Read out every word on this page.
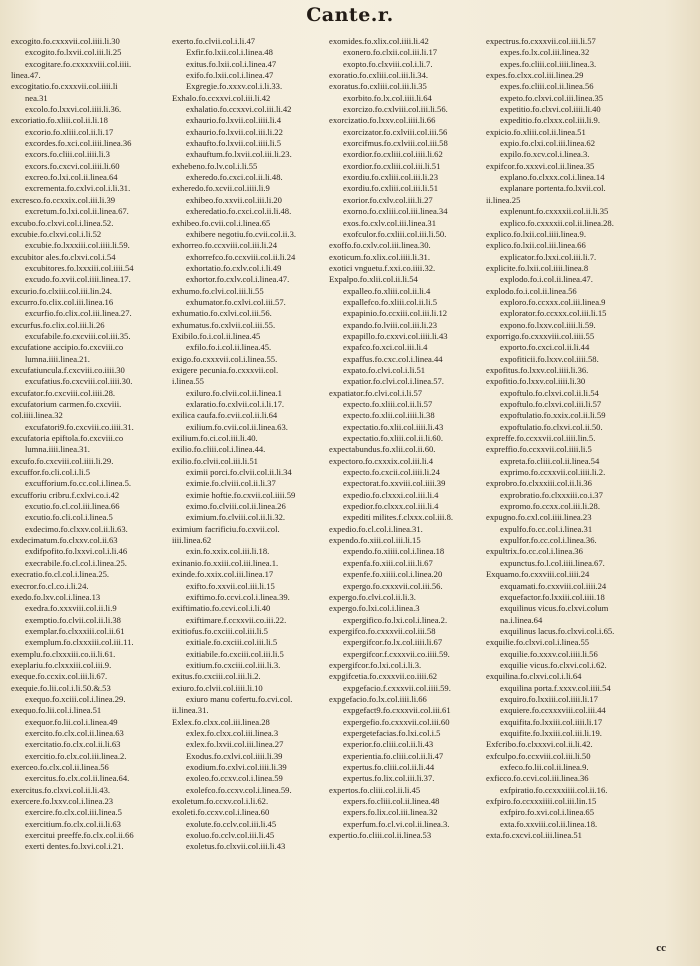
Cante.r.
excogito.fo.cxxxvii.col.iiii.li.30
excogito.fo.lxvii.col.iii.li.25
excogitare.fo.cxxxxviii.col.iiii.
linea.47.
excogitatio.fo.cxxxvii.col.iiii.li
nea.31
excolo.fo.lxxvi.col.iiii.li.36.
excoriatio.fo.xliii.col.ii.li.18
excorio.fo.xliii.col.ii.li.17
excordes.fo.xci.col.iiii.linea.36
excors.fo.cliii.col.iiii.li.3
excors.fo.cxcvi.col.iiii.li.60
excreo.fo.lxi.col.ii.linea.64
excrementa.fo.cxlvi.col.i.li.31.
excresco.fo.ccxxix.col.iii.li.39
excretum.fo.lxi.col.ii.linea.67.
excubo.fo.clxvi.col.i.linea.52.
excubie.fo.clxvi.col.i.li.52
excubie.fo.lxxxiii.col.iiii.li.59.
excubitor ales.fo.clxvi.col.i.54
excubitores.fo.lxxxiii.col.iiii.54
excudo.fo.xvii.col.iiii.linea.17.
excurio.fo.clxiii.col.iii.lin.24.
excurro.fo.clix.col.iii.linea.16
excurfio.fo.clix.col.iii.linea.27.
excurfus.fo.clix.col.iii.li.26
excufabile.fo.cxcviii.col.iii.35.
excufatione accipio.fo.cxcviii.co
lumna.iiii.linea.21.
excufatiuncula.f.cxcviii.co.iiii.30
excufatius.fo.cxcviii.col.iiii.30.
excufator.fo.cxcviii.col.iiii.28.
excufatorium carmen.fo.cxcviii.
col.iiii.linea.32
excufatori9.fo.cxcviii.co.iiii.31.
excufatoria epiftola.fo.cxcviii.co
lumna.iiii.linea.31.
excufo.fo.cxcviii.col.iiii.li.29.
excuffor.fo.cli.col.i.li.5
excufforium.fo.cc.col.i.linea.5.
excufforiu cribru.f.cxlvi.co.i.42
excutio.fo.cl.col.iii.linea.66
excutio.fo.cli.col.i.linea.5
exdecimo.fo.clxxv.col.ii.li.63.
exdecimatum.fo.clxxv.col.ii.63
exdifpofito.fo.lxxvi.col.i.li.46
execrabile.fo.cl.col.i.linea.25.
execratio.fo.cl.col.i.linea.25.
execror.fo.cl.co.i.li.24.
exedo.fo.lxv.col.i.linea.13
exedra.fo.xxxviii.col.ii.li.9
exemptio.fo.clvii.col.ii.li.38
exemplar.fo.clxxxiii.col.ii.61
exemplum.fo.clxxxiii.col.iii.11.
exemplu.fo.clxxxiii.co.ii.li.61.
exeplariu.fo.clxxxiii.col.iii.9.
exeque.fo.ccxix.col.iii.li.67.
exequie.fo.lii.col.i.li.50.&.53
exequo.fo.xciii.col.i.linea.29.
exequo.fo.lii.col.i.linea.51
exequor.fo.lii.col.i.linea.49
exercito.fo.clx.col.ii.linea.63
exercitatio.fo.clx.col.ii.li.63
exercitio.fo.clx.col.iii.linea.2.
exerceo.fo.clx.col.ii.linea.56
exercitus.fo.clx.col.ii.linea.64.
exercitus.fo.clxvi.col.ii.li.43.
exercere.fo.lxxv.col.i.linea.23
exercire.fo.clx.col.iii.linea.5
exercitium.fo.clx.col.ii.li.63
exercitui preeffe.fo.clx.col.ii.66
exerti dentes.fo.lxvi.col.i.21.
exerto.fo.clvii.col.i.li.47
Exfir.fo.lxii.col.i.linea.48
exitus.fo.lxii.col.i.linea.47
exifo.fo.lxii.col.i.linea.47
Exgregie.fo.xxxv.col.i.li.33.
Exhalo.fo.ccxxvi.col.iii.li.42
exhalatio.fo.ccxxvi.col.iii.li.42
exhaurio.fo.lxvii.col.iiii.li.4
exhaurio.fo.lxvii.col.iii.li.22
exhaufto.fo.lxvii.col.iiii.li.5
exhauftum.fo.lxvii.col.iii.li.23.
exhebeno.fo.lv.col.i.li.55
exheredo.fo.cxci.col.ii.li.48.
exheredo.fo.xcvii.col.iiii.li.9
exhibeo.fo.xxvii.col.iii.li.20
exheredatio.fo.cxci.col.ii.li.48.
exhibeo.fo.cvii.col.i.linea.65
exhibere negotiu.fo.cvii.col.ii.3.
exhorreo.fo.ccxviii.col.iii.li.24
exhorrefco.fo.ccxviii.col.ii.li.24
exhortatio.fo.cxlv.col.i.li.49
exhortor.fo.cxlv.col.i.linea.47.
exhumo.fo.clvi.col.iii.li.55
exhumator.fo.cxlvi.col.iii.57.
exhumatio.fo.cxlvi.col.iii.56.
exhumatus.fo.cxlvii.col.iii.55.
Exibilo.fo.i.col.ii.linea.45
exfilo.fo.i.col.ii.linea.45.
exigo.fo.cxxxvii.col.i.linea.55.
exigere pecunia.fo.cxxxvii.col.
i.linea.55
exiluro.fo.clvii.col.ii.linea.1
exlaratio.fo.cxlvii.col.i.li.17.
exilica caufa.fo.cvii.col.ii.li.64
exilium.fo.cvii.col.ii.linea.63.
exilium.fo.ci.col.iii.li.40.
exilio.fo.cliii.col.i.linea.44.
exilio.fo.clvii.col.iii.li.51
eximii porci.fo.clvii.col.ii.li.34
eximie.fo.clviii.col.ii.li.37
eximie hoftie.fo.cxvii.col.iiii.59
eximo.fo.clviii.col.ii.linea.26
eximium.fo.clviii.col.ii.li.32.
eximium facrificiu.fo.cxvii.col.
iiii.linea.62
exin.fo.xxix.col.iii.li.18.
exinanio.fo.xxiii.col.iii.linea.1.
exinde.fo.xxix.col.iii.linea.17
exifto.fo.xxvii.col.iii.li.15
exiftimo.fo.ccvi.col.i.linea.39.
exiftimatio.fo.ccvi.col.i.li.40
exiftimare.f.ccxxvii.co.iii.22.
exitiofus.fo.cxciii.col.iii.li.5
exitiale.fo.cxciii.col.iii.li.5
exitiabile.fo.cxciii.col.iii.li.5
exitium.fo.cxciii.col.iii.li.3.
exitus.fo.cxciii.col.iii.li.2.
exiuro.fo.clvii.col.iiii.li.10
exiuro manu cofertu.fo.cvi.col.
ii.linea.31.
Exlex.fo.clxx.col.iii.linea.28
exlex.fo.clxx.col.iii.linea.3
exlex.fo.lxvii.col.iii.linea.27
Exodus.fo.cxlvi.col.iiii.li.39
exodium.fo.cxlvi.col.iiii.li.39
exoleo.fo.ccxv.col.i.linea.59
exolefco.fo.ccxv.col.i.linea.59.
exoletum.fo.ccxv.col.i.li.62.
exoleti.fo.ccxv.col.i.linea.60
exolute.fo.cclv.col.iii.li.45
exoluo.fo.cclv.col.iii.li.45
exoletus.fo.clxvii.col.iii.li.43
exomides.fo.xlix.col.iiii.li.42
exonero.fo.clxii.col.iii.li.17
exopto.fo.clxviii.col.i.li.7.
exoratio.fo.cxliii.col.iii.li.34.
exoratus.fo.cxliii.col.iii.li.35
exorbito.fo.lx.col.iiii.li.64
exorcizo.fo.cxlviii.col.iii.li.56.
exorcizatio.fo.lxxv.col.iiii.li.66
exorcizator.fo.cxlviii.col.iii.56
exorcifmus.fo.cxlviii.col.iii.58
exordior.fo.cxliii.col.iiii.li.62
exordior.fo.cxliii.col.iii.li.51
exordiu.fo.cxliii.col.iii.li.23
exordiu.fo.cxliii.col.iii.li.51
exorior.fo.cxlv.col.iii.li.27
exorno.fo.cxliii.col.iii.linea.34
exos.fo.cxlv.col.iii.linea.31
exofculor.fo.cxliii.col.iii.li.50.
exoffo.fo.cxlv.col.iii.linea.30.
exoticum.fo.xlix.col.iiii.li.31.
exotici vnguetu.f.xxi.co.iiii.32.
Expalpo.fo.xlii.col.ii.li.54
expalleo.fo.xliii.col.ii.li.4
expallefco.fo.xliii.col.ii.li.5
expapinio.fo.ccxiii.col.iii.li.12
expando.fo.lviii.col.iii.li.23
expapillo.fo.cxxvi.col.iiii.li.43
expafco.fo.xci.col.iii.li.4
expaffus.fo.cxc.col.i.linea.44
expato.fo.clvi.col.i.li.51
expatior.fo.clvi.col.i.linea.57.
expatiator.fo.clvi.col.i.li.57
expecto.fo.xliii.col.ii.li.57
expecto.fo.xlii.col.iiii.li.38
expectatio.fo.xlii.col.iiii.li.43
expectatio.fo.xliii.col.ii.li.60.
expectabundus.fo.xlii.col.ii.60.
expectoro.fo.cxxxix.col.iii.li.4
expecto.fo.cxcii.col.iiii.li.24
expectorat.fo.xxviii.col.iiii.39
expedio.fo.clxxxi.col.iii.li.4
expedior.fo.clxxx.col.iii.li.4
expediti milites.f.clxxx.col.iii.8.
expedio.fo.cl.col.i.linea.31.
expendo.fo.xiii.col.iii.li.15
expendo.fo.xiiii.col.i.linea.18
expenfa.fo.xiii.col.iii.li.67
expenfe.fo.xiiii.col.i.linea.20
expergo.fo.cxxxvii.col.iii.56.
expergo.fo.clvi.col.ii.li.3.
expergo.fo.lxi.col.i.linea.3
expergifico.fo.lxi.col.i.linea.2.
expergifco.fo.cxxxvii.col.iii.58
expergifcor.fo.lx.col.iiii.li.67
expergifcor.f.cxxxvii.co.iiii.59.
expergifcor.fo.lxi.col.i.li.3.
expgifcetia.fo.cxxxvii.co.iiii.62
expgefacio.f.cxxxvii.col.iiii.59.
expgefacio.fo.lx.col.iiii.li.66
expgefact9.fo.cxxxvii.col.iii.61
expergefio.fo.cxxxvii.col.iii.60
expergetefacias.fo.lxi.col.i.5
experior.fo.cliii.col.ii.li.43
experientia.fo.cliii.col.ii.li.47
expertus.fo.cliii.col.ii.li.44
expertus.fo.lix.col.iii.li.37.
expertos.fo.cliii.col.ii.li.45
expers.fo.cliii.col.ii.linea.48
expers.fo.lix.col.iii.linea.32
experfum.fo.cl.vi.col.ii.linea.3.
expertio.fo.cliii.col.ii.linea.53
expectrus.fo.cxxxvii.col.iii.li.57
expes.fo.lx.col.iii.linea.32
expes.fo.cliii.col.iiii.linea.3.
expes.fo.clxx.col.iii.linea.29
expes.fo.cliii.col.ii.linea.56
expeto.fo.clxvi.col.iii.linea.35
expetitio.fo.clxvi.col.iiii.li.40
expeditio.fo.clxxx.col.iii.li.9.
expicio.fo.xliii.col.ii.linea.51
expio.fo.clxi.col.iii.linea.62
expilo.fo.xcv.col.i.linea.3.
expifcor.fo.xxxvi.col.ii.linea.35
explano.fo.clxxx.col.i.linea.14
explanare portenta.fo.lxvii.col.
ii.linea.25
explenunt.fo.cxxxxii.col.ii.li.35
explico.fo.cxxxxii.col.ii.linea.28.
explico.fo.lxii.col.iiii.linea.9.
explico.fo.lxii.col.iii.linea.66
explicator.fo.lxxi.col.iii.li.7.
explicite.fo.lxii.col.iiii.linea.8
explodo.fo.i.col.ii.linea.47.
explodo.fo.i.col.ii.linea.56
exploro.fo.ccxxx.col.iii.linea.9
explorator.fo.ccxxx.col.iii.li.15
expono.fo.lxxv.col.iiii.li.59.
exporrigo.fo.cxxxviii.col.iiii.55
exporto.fo.cxci.col.ii.li.44
expofiticii.fo.lxxv.col.iiii.58.
expofitus.fo.lxxv.col.iiii.li.36.
expofitio.fo.lxxv.col.iiii.li.30
expoftulo.fo.clxvi.col.ii.li.54
expoftulo.fo.clxvi.col.iii.li.57
expoftulatio.fo.xxix.col.ii.li.59
expoftulatio.fo.clxvi.col.ii.50.
expreffe.fo.ccxxvii.col.iiii.lin.5.
expreffio.fo.ccxxvii.col.iiii.li.5
expreta.fo.cliii.col.ii.linea.54
exprimo.fo.ccxxvii.col.iiii.li.2.
exprobro.fo.clxxxiii.col.ii.li.36
exprobratio.fo.clxxxiii.co.i.37
expromo.fo.ccxx.col.iii.li.28.
expugno.fo.cxl.col.iiii.linea.23
expulfo.fo.cc.col.i.linea.31
expulfor.fo.cc.col.i.linea.36.
expultrix.fo.cc.col.i.linea.36
expunctus.fo.l.col.iiii.linea.67.
Exquamo.fo.cxxviii.col.iiii.24
exquamati.fo.cxxviii.col.iiii.24
exquefactor.fo.lxxiii.col.iiii.18
exquilinus vicus.fo.clxvi.colum
na.i.linea.64
exquilinus lacus.fo.clxvi.col.i.65.
exquilie.fo.clxvi.col.i.linea.55
exquilie.fo.xxxv.col.iiii.li.56
exquilie vicus.fo.clxvi.col.i.62.
exquilina.fo.clxvi.col.i.li.64
exquilina porta.f.xxxv.col.iiii.54
exquiro.fo.lxxiii.col.iiii.li.17
exquiere.fo.ccxxxviii.col.iii.44
exquifita.fo.lxxiii.col.iiii.li.17
exquifite.fo.lxxiii.col.iii.li.19.
Exfcribo.fo.clxxxvi.col.ii.li.42.
exfculpo.fo.ccxviii.col.iii.li.50
exfeco.fo.lii.col.ii.linea.9.
exficco.fo.ccvi.col.iii.linea.36
exfpiratio.fo.ccxxxiiii.col.ii.16.
exfpiro.fo.ccxxxiiii.col.iii.lin.15
exfpiro.fo.xvi.col.i.linea.65
exta.fo.xxviii.col.ii.linea.18.
exta.fo.cxcvi.col.iii.linea.51
cc
